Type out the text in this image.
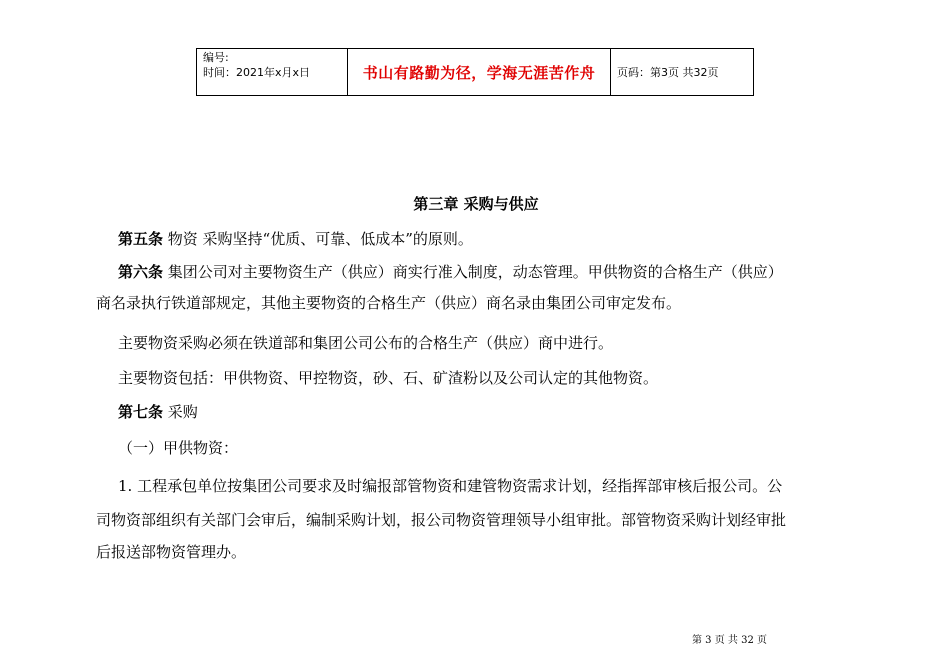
编号:
时间：2021年x月x日	书山有路勤为径，学海无涯苦作舟	页码：第3页 共32页
第三章 采购与供应
第五条 物资 采购坚持“优质、可靠、低成本”的原则。
第六条 集团公司对主要物资生产（供应）商实行准入制度，动态管理。甲供物资的合格生产（供应）
商名录执行铁道部规定，其他主要物资的合格生产（供应）商名录由集团公司审定发布。
主要物资采购必须在铁道部和集团公司公布的合格生产（供应）商中进行。
主要物资包括：甲供物资、甲控物资，砂、石、矿渣粉以及公司认定的其他物资。
第七条 采购
（一）甲供物资：
1. 工程承包单位按集团公司要求及时编报部管物资和建管物资需求计划，经指挥部审核后报公司。公
司物资部组织有关部门会审后，编制采购计划，报公司物资管理领导小组审批。部管物资采购计划经审批
后报送部物资管理办。
第 3 页 共 32 页
